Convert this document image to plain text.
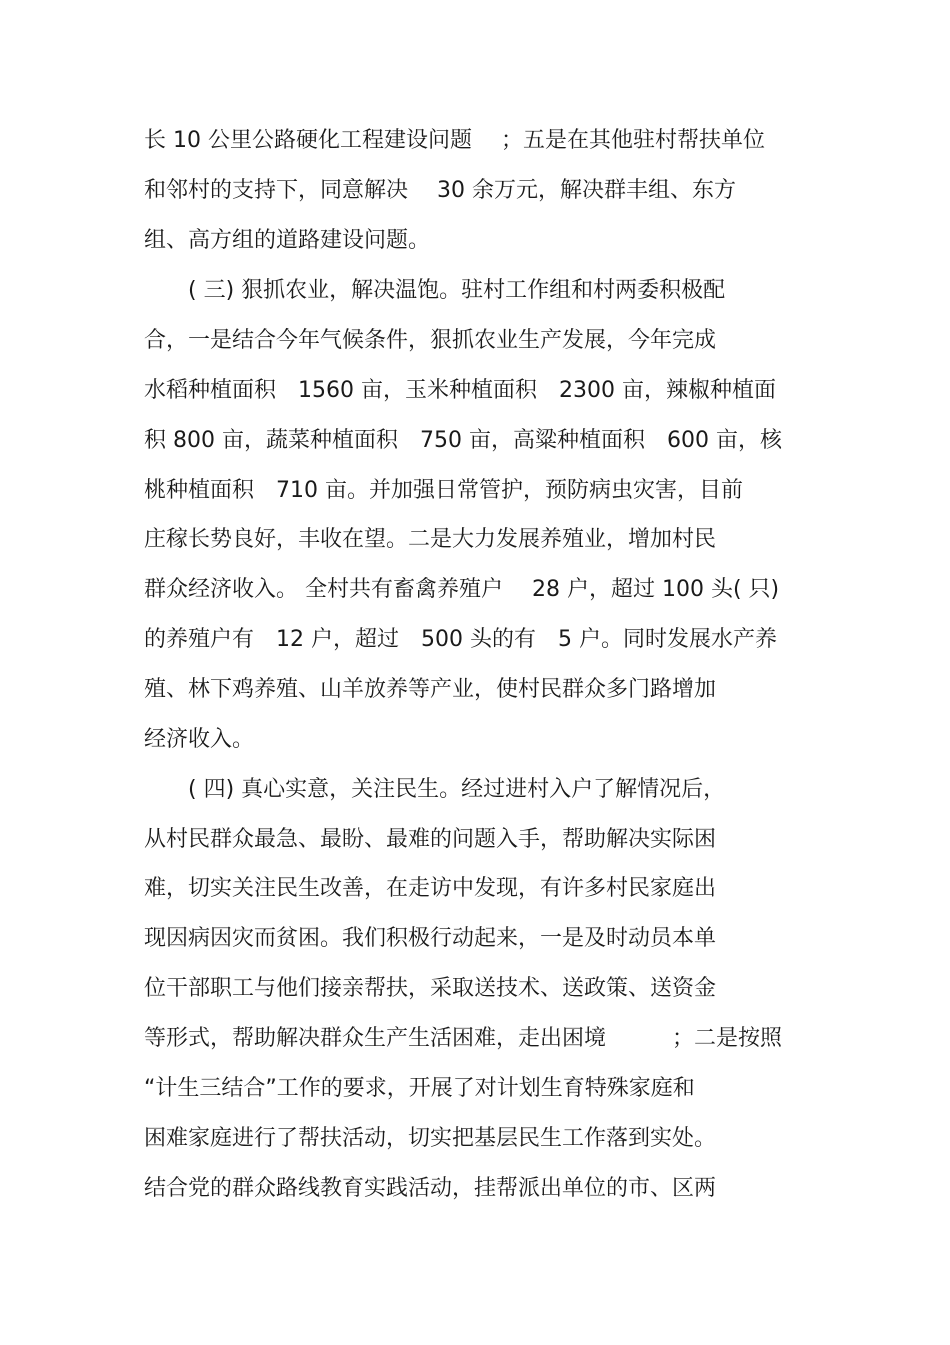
长 10 公里公路硬化工程建设问题　 ；五是在其他驻村帮扶单位
和邻村的支持下，同意解决　 30 余万元，解决群丰组、东方
组、高方组的道路建设问题。
( 三) 狠抓农业，解决温饱。驻村工作组和村两委积极配
合，一是结合今年气候条件，狠抓农业生产发展，今年完成
水稻种植面积　1560 亩，玉米种植面积　2300 亩，辣椒种植面
积 800 亩，蔬菜种植面积　750 亩，高粱种植面积　600 亩，核
桃种植面积　710 亩。并加强日常管护，预防病虫灾害，目前
庄稼长势良好，丰收在望。二是大力发展养殖业，增加村民
群众经济收入。 全村共有畜禽养殖户　 28 户，超过 100 头( 只)
的养殖户有　12 户，超过　500 头的有　5 户。同时发展水产养
殖、林下鸡养殖、山羊放养等产业，使村民群众多门路增加
经济收入。
( 四) 真心实意，关注民生。经过进村入户了解情况后，
从村民群众最急、最盼、最难的问题入手，帮助解决实际困
难，切实关注民生改善，在走访中发现，有许多村民家庭出
现因病因灾而贫困。我们积极行动起来，一是及时动员本单
位干部职工与他们接亲帮扶，采取送技术、送政策、送资金
等形式，帮助解决群众生产生活困难，走出困境　　　；二是按照
“计生三结合”工作的要求，开展了对计划生育特殊家庭和
困难家庭进行了帮扶活动，切实把基层民生工作落到实处。
结合党的群众路线教育实践活动，挂帮派出单位的市、区两
